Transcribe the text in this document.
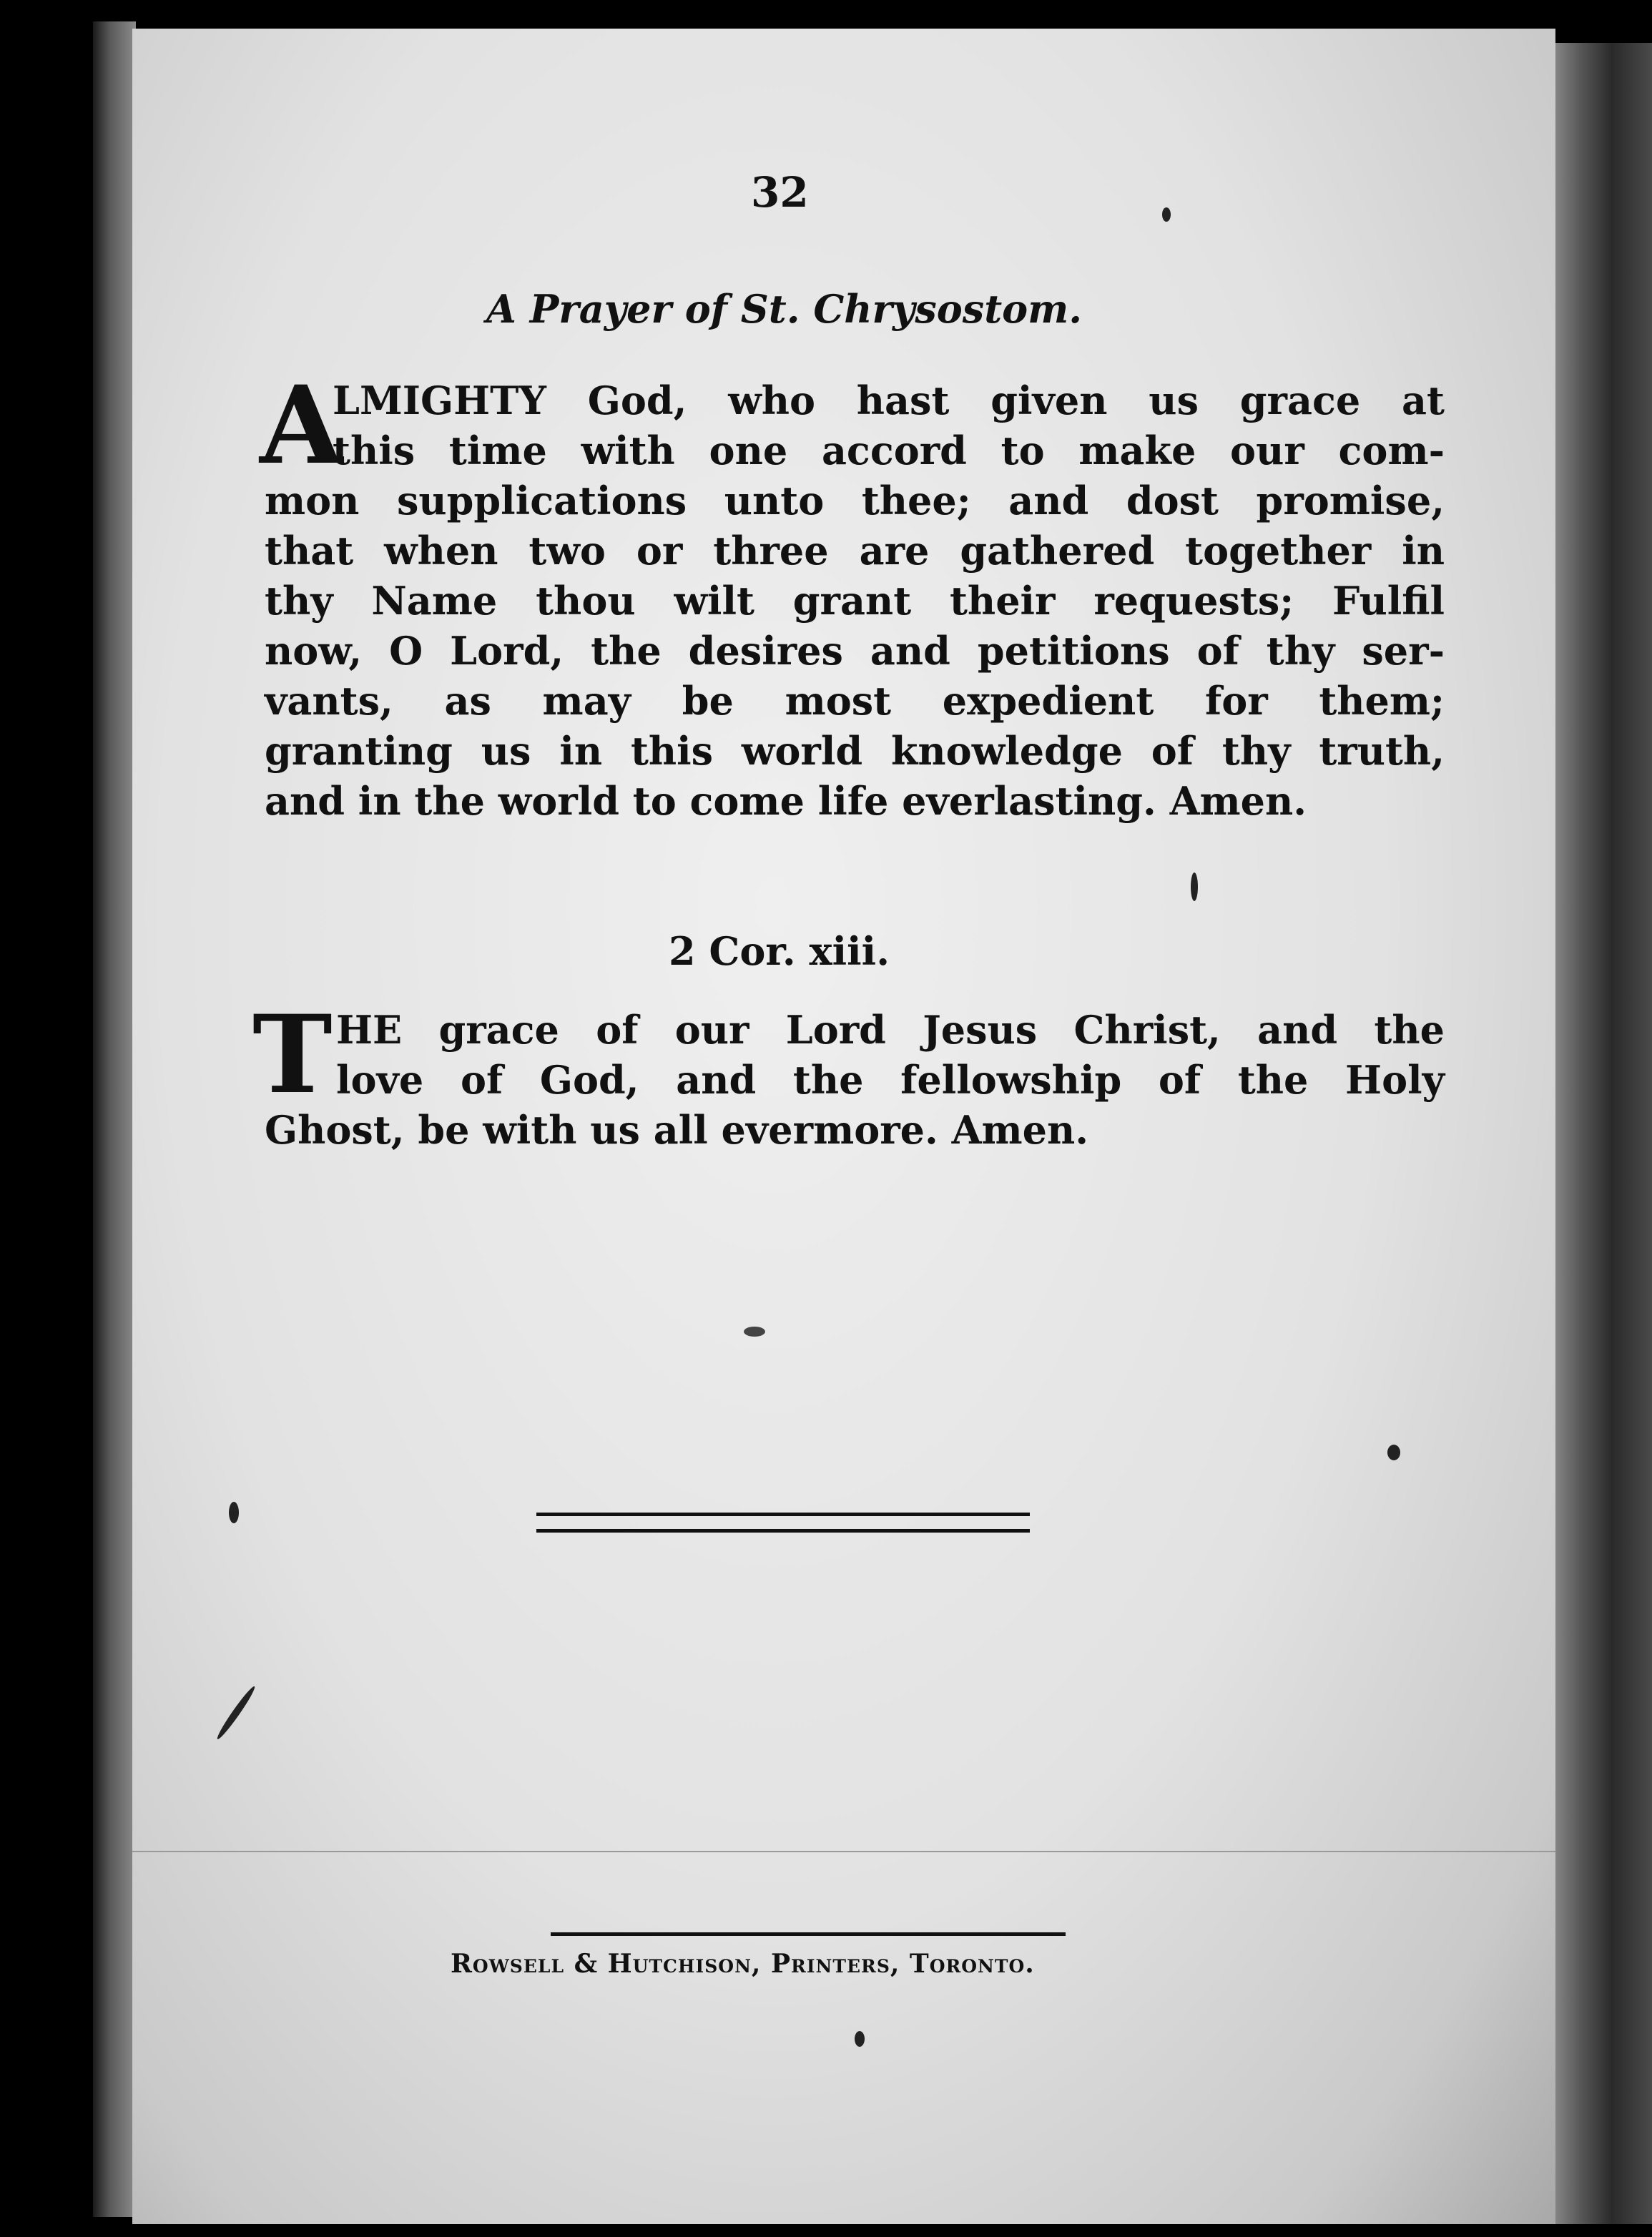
32
A Prayer of St. Chrysostom.
A
LMIGHTY God, who hast given us grace at
this time with one accord to make our com-
mon supplications unto thee; and dost promise,
that when two or three are gathered together in
thy Name thou wilt grant their requests; Fulfil
now, O Lord, the desires and petitions of thy ser-
vants, as may be most expedient for them;
granting us in this world knowledge of thy truth,
and in the world to come life everlasting. Amen.
2 Cor. xiii.
T HE grace of our Lord Jesus Christ, and the
love of God, and the fellowship of the Holy
Ghost, be with us all evermore. Amen.
Rowsell & Hutchison, Printers, Toronto.
